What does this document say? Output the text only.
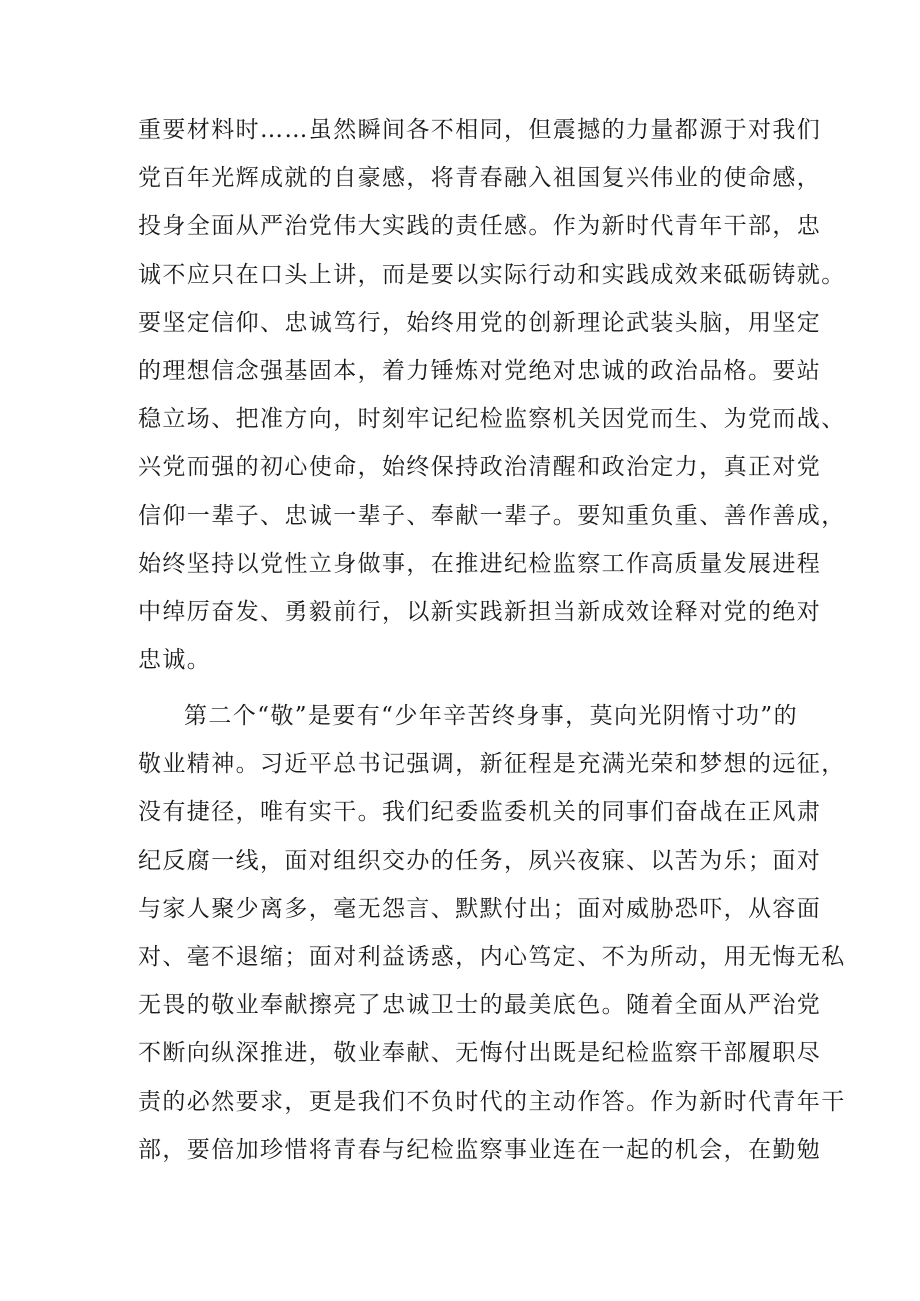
重要材料时……虽然瞬间各不相同，但震撼的力量都源于对我们
党百年光辉成就的自豪感，将青春融入祖国复兴伟业的使命感，
投身全面从严治党伟大实践的责任感。作为新时代青年干部，忠
诚不应只在口头上讲，而是要以实际行动和实践成效来砥砺铸就。
要坚定信仰、忠诚笃行，始终用党的创新理论武装头脑，用坚定
的理想信念强基固本，着力锤炼对党绝对忠诚的政治品格。要站
稳立场、把准方向，时刻牢记纪检监察机关因党而生、为党而战、
兴党而强的初心使命，始终保持政治清醒和政治定力，真正对党
信仰一辈子、忠诚一辈子、奉献一辈子。要知重负重、善作善成，
始终坚持以党性立身做事，在推进纪检监察工作高质量发展进程
中绰厉奋发、勇毅前行，以新实践新担当新成效诠释对党的绝对
忠诚。
第二个“敬”是要有“少年辛苦终身事，莫向光阴惰寸功”的
敬业精神。习近平总书记强调，新征程是充满光荣和梦想的远征，
没有捷径，唯有实干。我们纪委监委机关的同事们奋战在正风肃
纪反腐一线，面对组织交办的任务，夙兴夜寐、以苦为乐；面对
与家人聚少离多，毫无怨言、默默付出；面对威胁恐吓，从容面
对、毫不退缩；面对利益诱惑，内心笃定、不为所动，用无悔无私
无畏的敬业奉献擦亮了忠诚卫士的最美底色。随着全面从严治党
不断向纵深推进，敬业奉献、无悔付出既是纪检监察干部履职尽
责的必然要求，更是我们不负时代的主动作答。作为新时代青年干
部，要倍加珍惜将青春与纪检监察事业连在一起的机会，在勤勉
